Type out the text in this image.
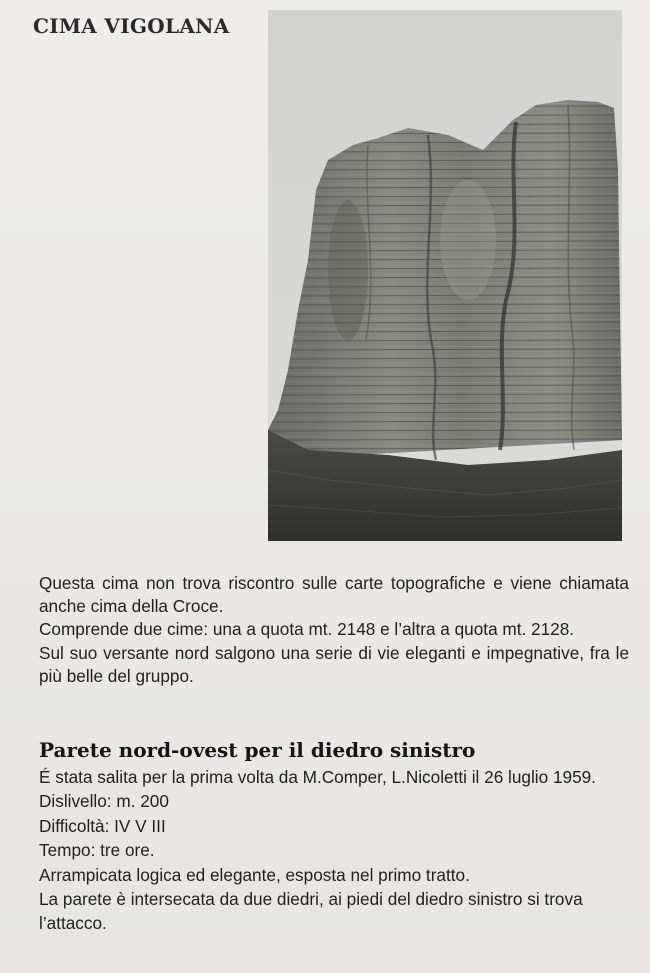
CIMA VIGOLANA

Questa cima non trova riscontro sulle carte topografiche e viene chiamata anche cima della Croce.

Comprende due cime: una a quota mt. 2148 e l’altra a quota mt. 2128.

Sul suo versante nord salgono una serie di vie eleganti e impegnative, fra le più belle del gruppo.

Parete nord-ovest per il diedro sinistro

É stata salita per la prima volta da M.Comper, L.Nicoletti il 26 luglio 1959.

Dislivello: m. 200

Difficoltà: IV V III

Tempo: tre ore.

Arrampicata logica ed elegante, esposta nel primo tratto.

La parete è intersecata da due diedri, ai piedi del diedro sinistro si trova l’attacco.
